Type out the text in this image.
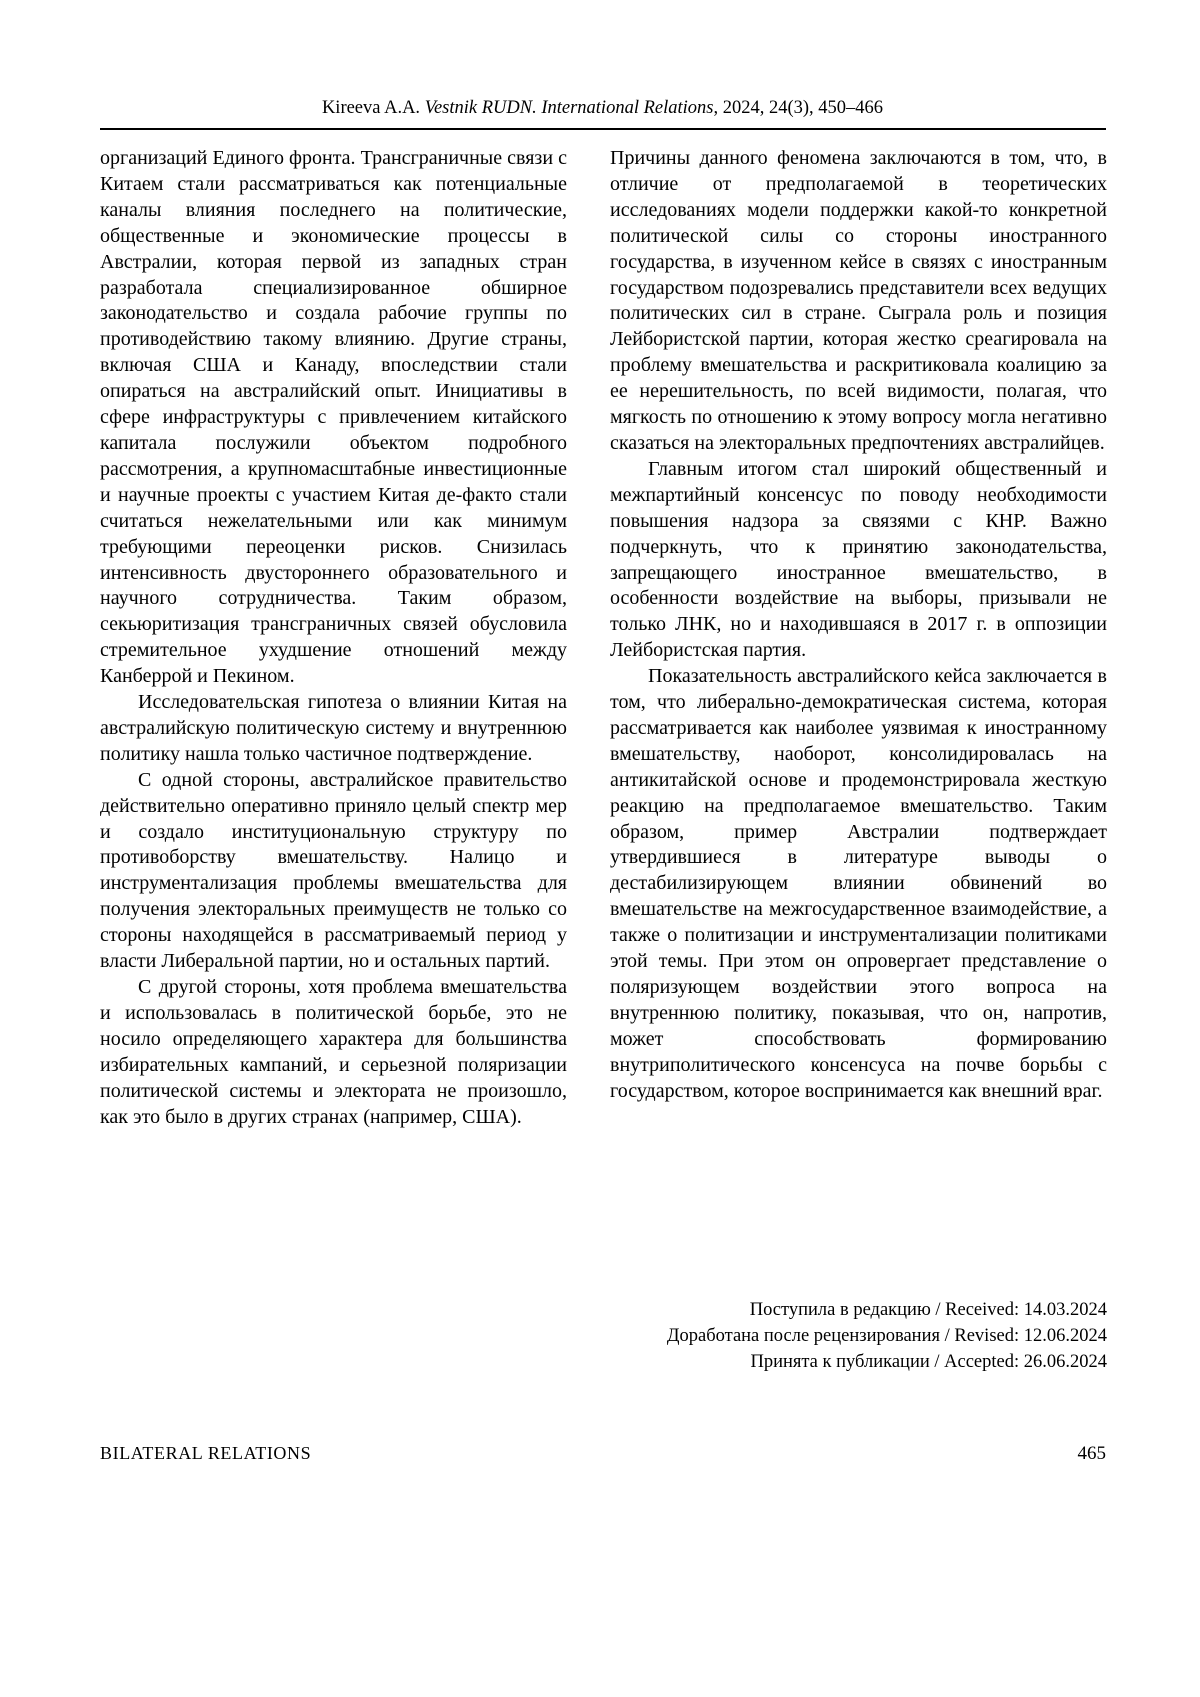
Kireeva A.A. Vestnik RUDN. International Relations, 2024, 24(3), 450–466

организаций Единого фронта. Трансграничные связи с Китаем стали рассматриваться как потенциальные каналы влияния последнего на политические, общественные и экономические процессы в Австралии, которая первой из западных стран разработала специализированное обширное законодательство и создала рабочие группы по противодействию такому влиянию. Другие страны, включая США и Канаду, впоследствии стали опираться на австралийский опыт. Инициативы в сфере инфраструктуры с привлечением китайского капитала послужили объектом подробного рассмотрения, а крупномасштабные инвестиционные и научные проекты с участием Китая де-факто стали считаться нежелательными или как минимум требующими переоценки рисков. Снизилась интенсивность двустороннего образовательного и научного сотрудничества. Таким образом, секьюритизация трансграничных связей обусловила стремительное ухудшение отношений между Канберрой и Пекином.

Исследовательская гипотеза о влиянии Китая на австралийскую политическую систему и внутреннюю политику нашла только частичное подтверждение.

С одной стороны, австралийское правительство действительно оперативно приняло целый спектр мер и создало институциональную структуру по противоборству вмешательству. Налицо и инструментализация проблемы вмешательства для получения электоральных преимуществ не только со стороны находящейся в рассматриваемый период у власти Либеральной партии, но и остальных партий.

С другой стороны, хотя проблема вмешательства и использовалась в политической борьбе, это не носило определяющего характера для большинства избирательных кампаний, и серьезной поляризации политической системы и электората не произошло, как это было в других странах (например, США).

Причины данного феномена заключаются в том, что, в отличие от предполагаемой в теоретических исследованиях модели поддержки какой-то конкретной политической силы со стороны иностранного государства, в изученном кейсе в связях с иностранным государством подозревались представители всех ведущих политических сил в стране. Сыграла роль и позиция Лейбористской партии, которая жестко среагировала на проблему вмешательства и раскритиковала коалицию за ее нерешительность, по всей видимости, полагая, что мягкость по отношению к этому вопросу могла негативно сказаться на электоральных предпочтениях австралийцев.

Главным итогом стал широкий общественный и межпартийный консенсус по поводу необходимости повышения надзора за связями с КНР. Важно подчеркнуть, что к принятию законодательства, запрещающего иностранное вмешательство, в особенности воздействие на выборы, призывали не только ЛНК, но и находившаяся в 2017 г. в оппозиции Лейбористская партия.

Показательность австралийского кейса заключается в том, что либерально-демократическая система, которая рассматривается как наиболее уязвимая к иностранному вмешательству, наоборот, консолидировалась на антикитайской основе и продемонстрировала жесткую реакцию на предполагаемое вмешательство. Таким образом, пример Австралии подтверждает утвердившиеся в литературе выводы о дестабилизирующем влиянии обвинений во вмешательстве на межгосударственное взаимодействие, а также о политизации и инструментализации политиками этой темы. При этом он опровергает представление о поляризующем воздействии этого вопроса на внутреннюю политику, показывая, что он, напротив, может способствовать формированию внутриполитического консенсуса на почве борьбы с государством, которое воспринимается как внешний враг.

Поступила в редакцию / Received: 14.03.2024
Доработана после рецензирования / Revised: 12.06.2024
Принята к публикации / Accepted: 26.06.2024
BILATERAL RELATIONS	465
